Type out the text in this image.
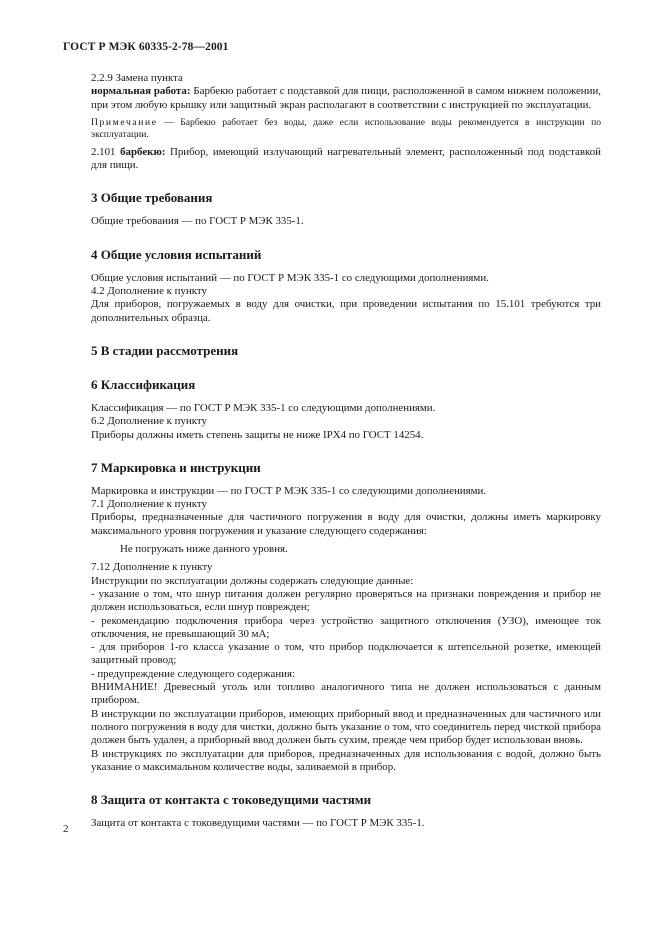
ГОСТ Р МЭК 60335-2-78—2001

2.2.9 Замена пункта

нормальная работа: Барбекю работает с подставкой для пищи, расположенной в самом нижнем положении, при этом любую крышку или защитный экран располагают в соответствии с инструкцией по эксплуатации.

Примечание — Барбекю работает без воды, даже если использование воды рекомендуется в инструкции по эксплуатации.

2.101 барбекю: Прибор, имеющий излучающий нагревательный элемент, расположенный под подставкой для пищи.

3 Общие требования

Общие требования — по ГОСТ Р МЭК 335-1.

4 Общие условия испытаний

Общие условия испытаний — по ГОСТ Р МЭК 335-1 со следующими дополнениями.

4.2 Дополнение к пункту

Для приборов, погружаемых в воду для очистки, при проведении испытания по 15.101 требуются три дополнительных образца.

5 В стадии рассмотрения
6 Классификация

Классификация — по ГОСТ Р МЭК 335-1 со следующими дополнениями.

6.2 Дополнение к пункту

Приборы должны иметь степень защиты не ниже IPX4 по ГОСТ 14254.

7 Маркировка и инструкции

Маркировка и инструкции — по ГОСТ Р МЭК 335-1 со следующими дополнениями.

7.1 Дополнение к пункту

Приборы, предназначенные для частичного погружения в воду для очистки, должны иметь маркировку максимального уровня погружения и указание следующего содержания:

Не погружать ниже данного уровня.

7.12 Дополнение к пункту

Инструкции по эксплуатации должны содержать следующие данные:

- указание о том, что шнур питания должен регулярно проверяться на признаки повреждения и прибор не должен использоваться, если шнур поврежден;

- рекомендацию подключения прибора через устройство защитного отключения (УЗО), имеющее ток отключения, не превышающий 30 мА;

- для приборов 1-го класса указание о том, что прибор подключается к штепсельной розетке, имеющей защитный провод;

- предупреждение следующего содержания:

ВНИМАНИЕ! Древесный уголь или топливо аналогичного типа не должен использоваться с данным прибором.

В инструкции по эксплуатации приборов, имеющих приборный ввод и предназначенных для частичного или полного погружения в воду для чистки, должно быть указание о том, что соединитель перед чисткой прибора должен быть удален, а приборный ввод должен быть сухим, прежде чем прибор будет использован вновь.

В инструкциях по эксплуатации для приборов, предназначенных для использования с водой, должно быть указание о максимальном количестве воды, заливаемой в прибор.

8 Защита от контакта с токоведущими частями

Защита от контакта с токоведущими частями — по ГОСТ Р МЭК 335-1.

2
